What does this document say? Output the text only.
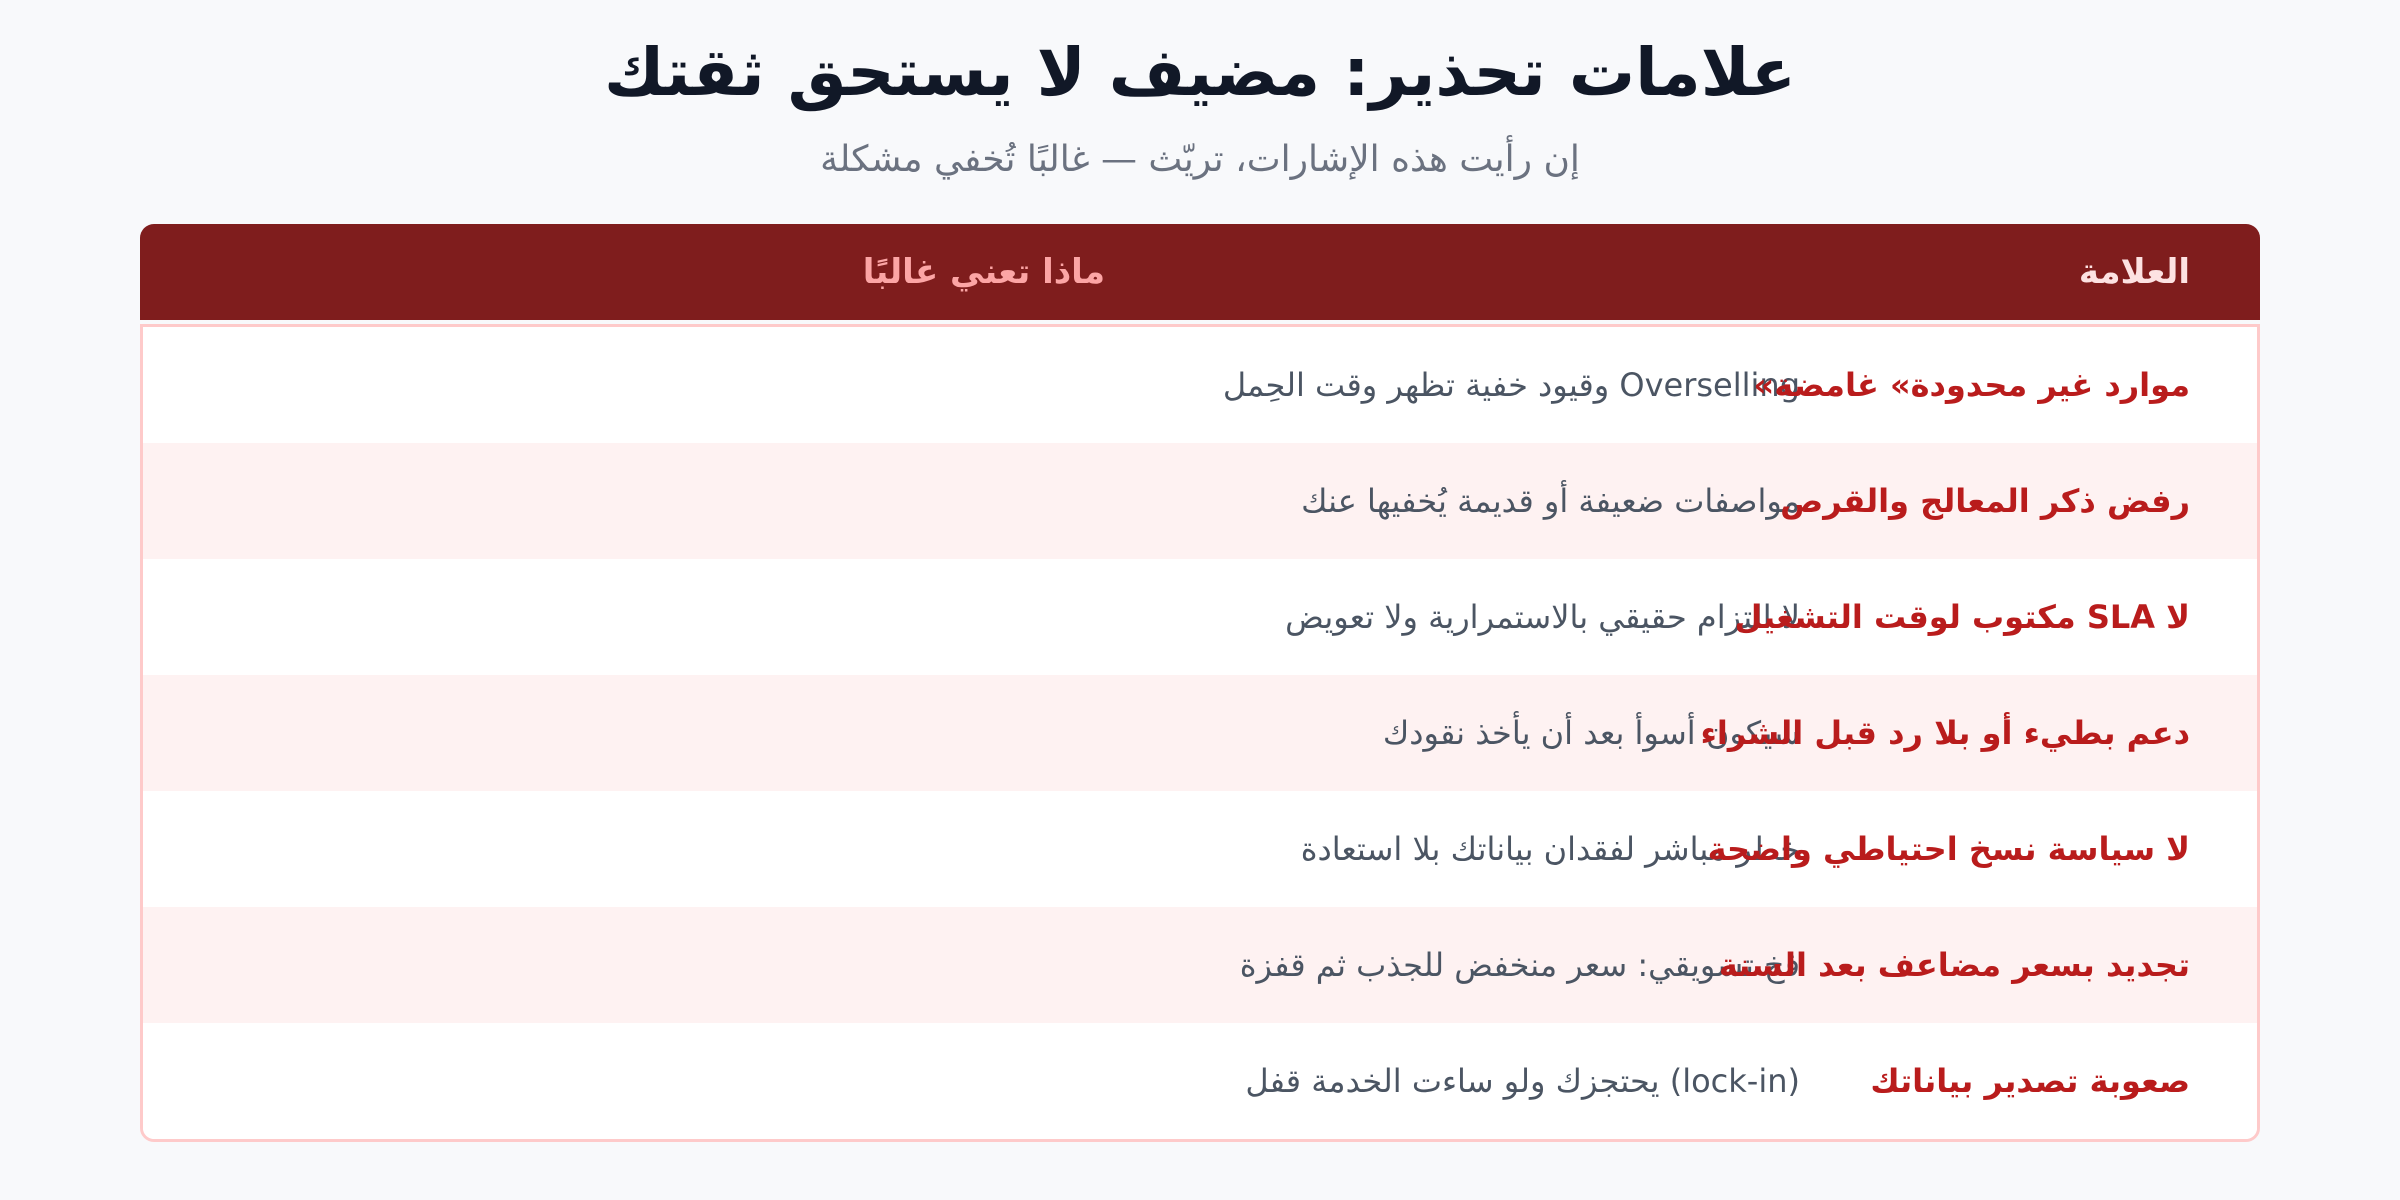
علامات تحذير: مضيف لا يستحق ثقتك

إن رأيت هذه الإشارات، تريّث — غالبًا تُخفي مشكلة

العلامة
ماذا تعني غالبًا
Overselling وقيود خفية تظهر وقت الحِمل
موارد غير محدودة» غامضة»
مواصفات ضعيفة أو قديمة يُخفيها عنك
رفض ذكر المعالج والقرص
لا التزام حقيقي بالاستمرارية ولا تعويض
لا SLA مكتوب لوقت التشغيل
سيكون أسوأ بعد أن يأخذ نقودك
دعم بطيء أو بلا رد قبل الشراء
خطر مباشر لفقدان بياناتك بلا استعادة
لا سياسة نسخ احتياطي واضحة
فخ تسويقي: سعر منخفض للجذب ثم قفزة
تجديد بسعر مضاعف بعد السنة
(lock-in) يحتجزك ولو ساءت الخدمة قفل صعوبة تصدير بياناتك
